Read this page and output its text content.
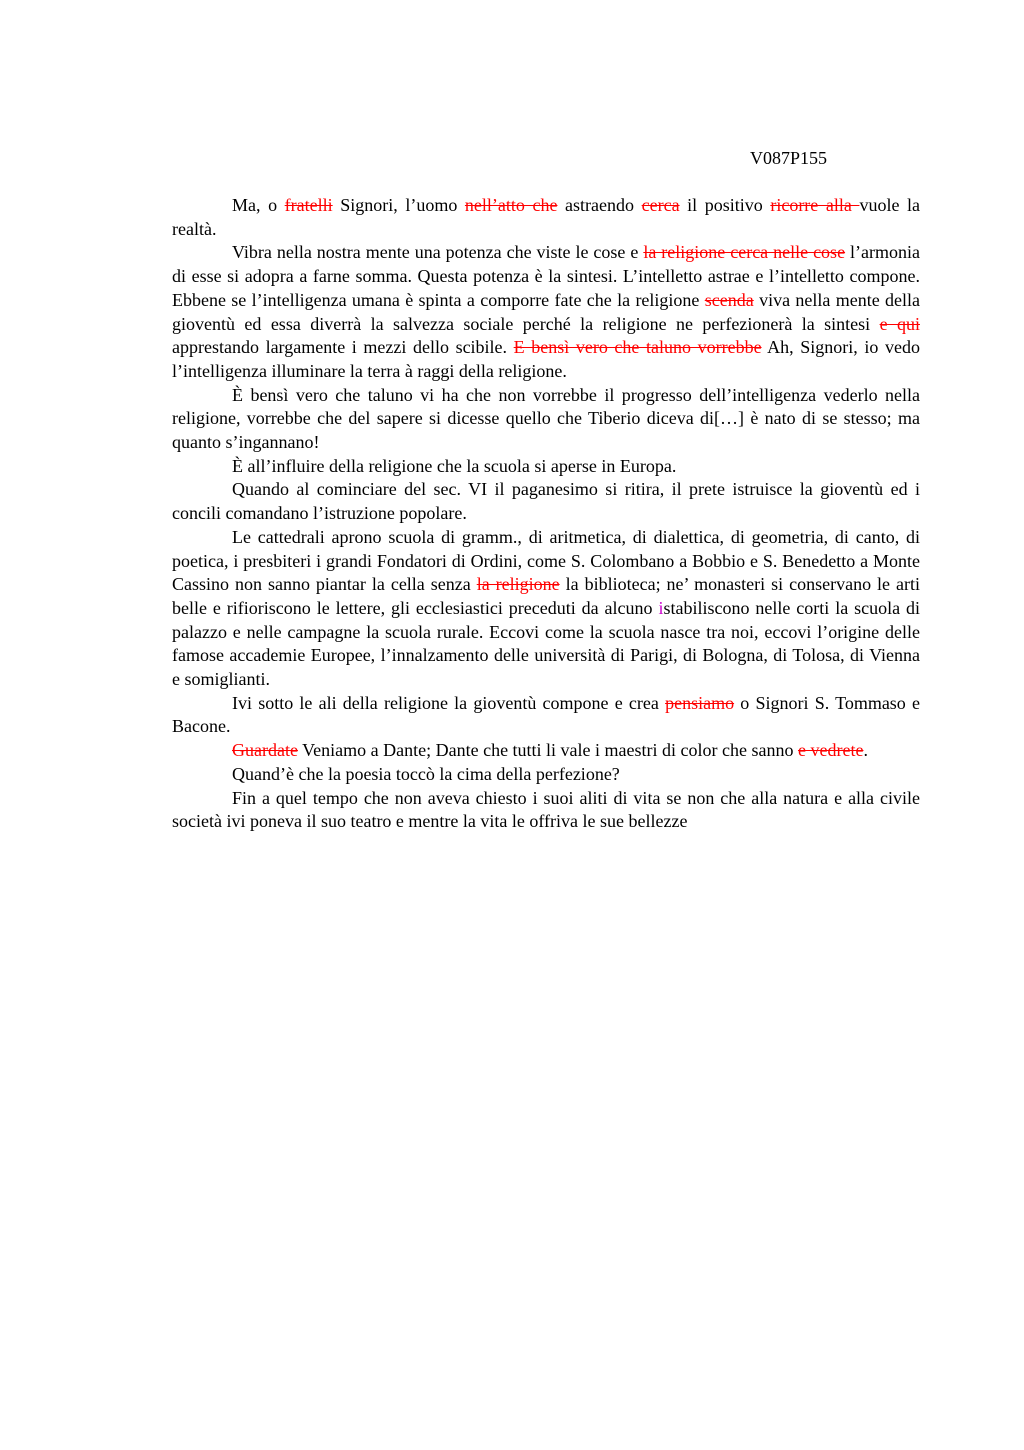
V087P155

Ma, o fratelli Signori, l’uomo nell’atto che astraendo cerca il positivo ricorre alla vuole la realtà.

Vibra nella nostra mente una potenza che viste le cose e la religione cerca nelle cose l’armonia di esse si adopra a farne somma. Questa potenza è la sintesi. L’intelletto astrae e l’intelletto compone. Ebbene se l’intelligenza umana è spinta a comporre fate che la religione scenda viva nella mente della gioventù ed essa diverrà la salvezza sociale perché la religione ne perfezionerà la sintesi e qui apprestando largamente i mezzi dello scibile. E bensì vero che taluno vorrebbe Ah, Signori, io vedo l’intelligenza illuminare la terra à raggi della religione.

È bensì vero che taluno vi ha che non vorrebbe il progresso dell’intelligenza vederlo nella religione, vorrebbe che del sapere si dicesse quello che Tiberio diceva di[…] è nato di se stesso; ma quanto s’ingannano!

È all’influire della religione che la scuola si aperse in Europa.

Quando al cominciare del sec. VI il paganesimo si ritira, il prete istruisce la gioventù ed i concili comandano l’istruzione popolare.

Le cattedrali aprono scuola di gramm., di aritmetica, di dialettica, di geometria, di canto, di poetica, i presbiteri i grandi Fondatori di Ordini, come S. Colombano a Bobbio e S. Benedetto a Monte Cassino non sanno piantar la cella senza la religione la biblioteca; ne’ monasteri si conservano le arti belle e rifioriscono le lettere, gli ecclesiastici preceduti da alcuno istabiliscono nelle corti la scuola di palazzo e nelle campagne la scuola rurale. Eccovi come la scuola nasce tra noi, eccovi l’origine delle famose accademie Europee, l’innalzamento delle università di Parigi, di Bologna, di Tolosa, di Vienna e somiglianti.

Ivi sotto le ali della religione la gioventù compone e crea pensiamo o Signori S. Tommaso e Bacone.

Guardate Veniamo a Dante; Dante che tutti li vale i maestri di color che sanno e vedrete.

Quand’è che la poesia toccò la cima della perfezione?

Fin a quel tempo che non aveva chiesto i suoi aliti di vita se non che alla natura e alla civile società ivi poneva il suo teatro e mentre la vita le offriva le sue bellezze
